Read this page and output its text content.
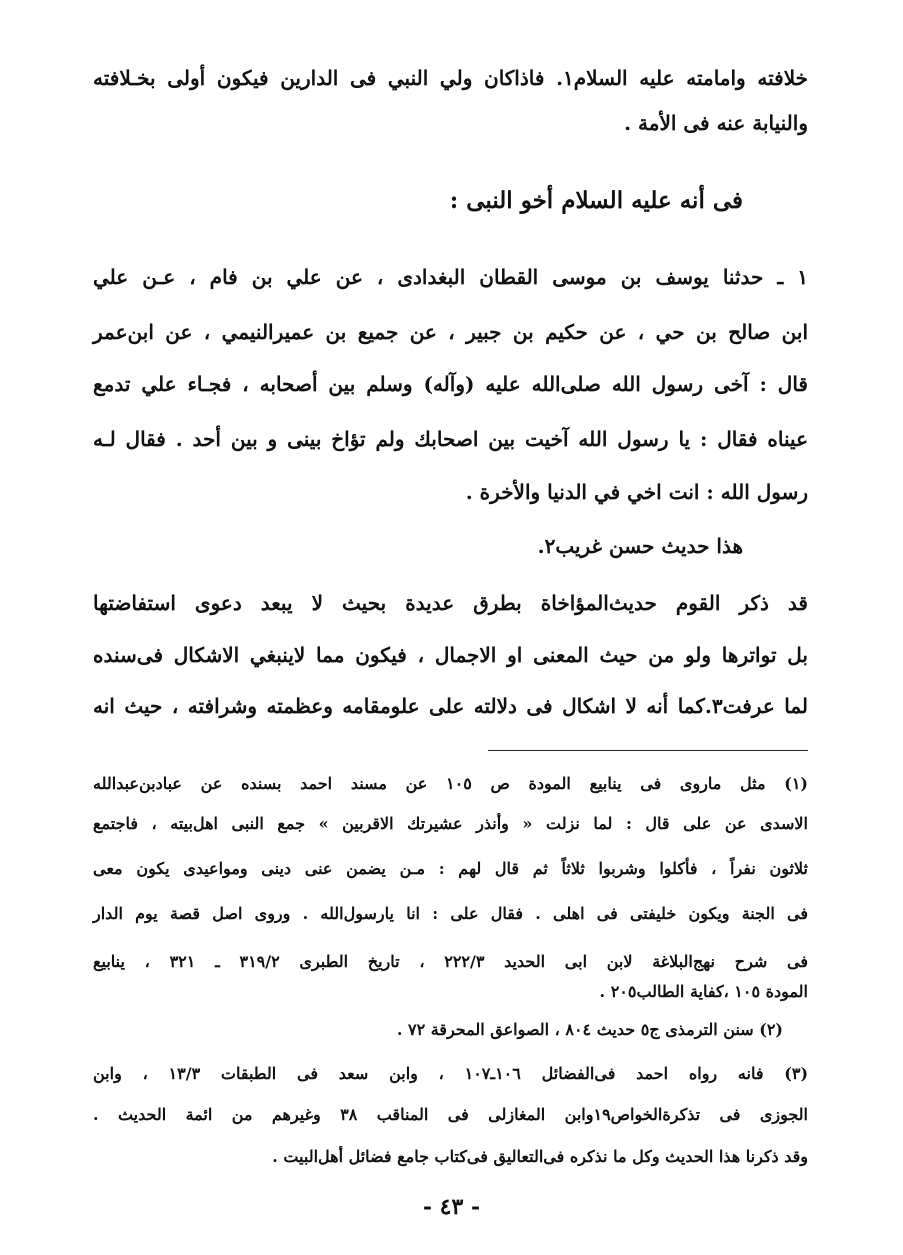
خلافته وامامته عليه السلام١. فاذاكان ولي النبي فى الدارين فيكون أولى بخـلافته
والنيابة عنه فى الأمة .
فى أنه عليه السلام أخو النبى :
١ ـ حدثنا يوسف بن موسى القطان البغدادى ، عن علي بن فام ، عـن علي
ابن صالح بن حي ، عن حكيم بن جبير ، عن جميع بن عميرالنيمي ، عن ابن‌عمر
قال : آخى رسول الله صلى‌الله عليه (وآله) وسلم بين أصحابه ، فجـاء علي تدمع
عيناه فقال : يا رسول الله آخيت بين اصحابك ولم تؤاخ بينى و بين أحد . فقال لـه
رسول الله : انت اخي في الدنيا والأخرة .
هذا حديث حسن غريب٢.
قد ذكر القوم حديث‌المؤاخاة بطرق عديدة بحيث لا يبعد دعوى استفاضتها
بل تواترها ولو من حيث المعنى او الاجمال ، فيكون مما لاينبغي الاشكال فى‌سنده
لما عرفت٣.كما أنه لا اشكال فى دلالته على علومقامه وعظمته وشرافته ، حيث انه
(١) مثل ماروى فى ينابيع المودة ص ١٠٥ عن مسند احمد بسنده عن عبادبن‌عبدالله
الاسدى عن على قال : لما نزلت « وأنذر عشيرتك الاقربين » جمع النبى اهل‌بيته ، فاجتمع
ثلاثون نفراً ، فأكلوا وشربوا ثلاثاً ثم قال لهم : مـن يضمن عنى دينى ومواعيدى يكون معى
فى الجنة ويكون خليفتى فى اهلى . فقال على : انا يارسول‌الله . وروى اصل قصة يوم الدار
فى شرح نهج‌البلاغة لابن ابى الحديد ٢٢٢/٣ ، تاريخ الطبرى ٣١٩/٢ ـ ٣٢١ ، ينابيع
المودة ١٠٥ ،كفاية الطالب٢٠٥ .
(٢) سنن الترمذى ج٥ حديث ٨٠٤ ، الصواعق المحرقة ٧٢ .
(٣) فانه رواه احمد فى‌الفضائل ١٠٦ـ١٠٧ ، وابن سعد فى الطبقات ١٣/٣ ، وابن
الجوزى فى تذكرةالخواص١٩وابن المغازلى فى المناقب ٣٨ وغيرهم من ائمة الحديث .
وقد ذكرنا هذا الحديث وكل ما نذكره فى‌التعاليق فى‌كتاب جامع فضائل أهل‌البيت .
- ٤٣ -
